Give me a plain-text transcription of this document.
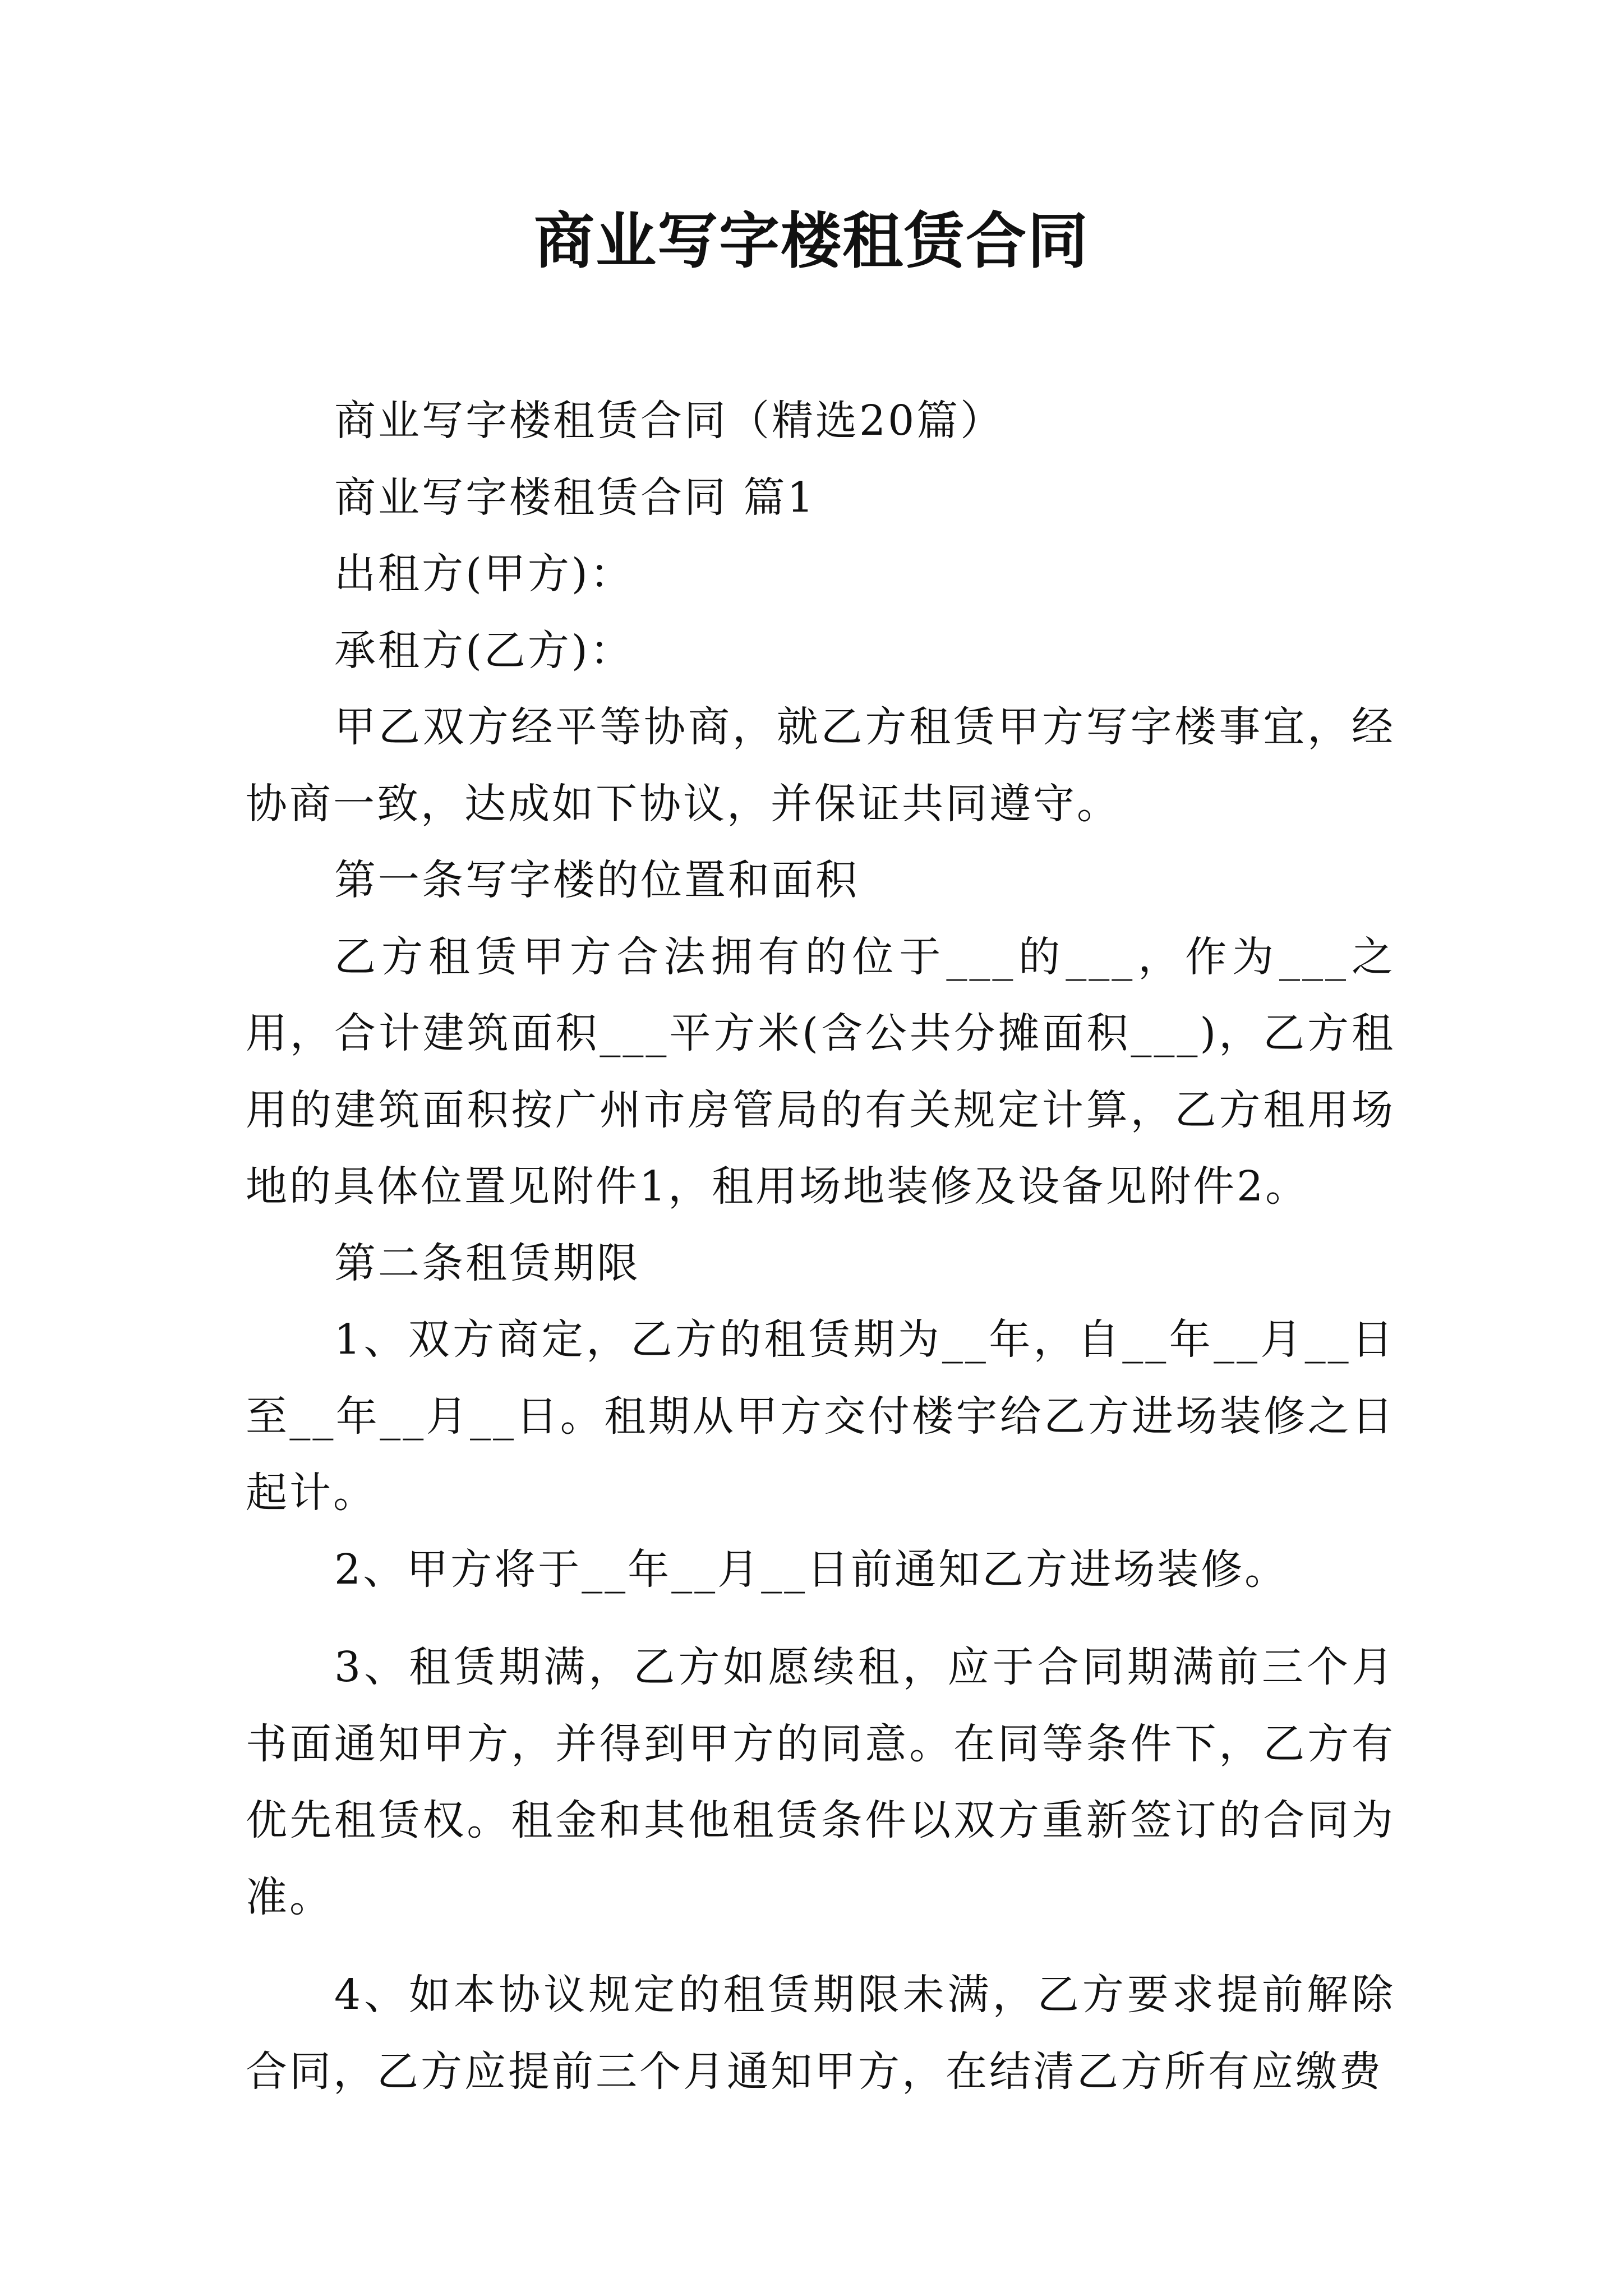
商业写字楼租赁合同

商业写字楼租赁合同（精选20篇）

商业写字楼租赁合同 篇1

出租方(甲方)：

承租方(乙方)：

甲乙双方经平等协商，就乙方租赁甲方写字楼事宜，经协商一致，达成如下协议，并保证共同遵守。

第一条写字楼的位置和面积

乙方租赁甲方合法拥有的位于___的___，作为___之用，合计建筑面积___平方米(含公共分摊面积___)，乙方租用的建筑面积按广州市房管局的有关规定计算，乙方租用场地的具体位置见附件1，租用场地装修及设备见附件2。

第二条租赁期限

1、双方商定，乙方的租赁期为__年，自__年__月__日至__年__月__日。租期从甲方交付楼宇给乙方进场装修之日起计。

2、甲方将于__年__月__日前通知乙方进场装修。

3、租赁期满，乙方如愿续租，应于合同期满前三个月书面通知甲方，并得到甲方的同意。在同等条件下，乙方有优先租赁权。租金和其他租赁条件以双方重新签订的合同为准。

4、如本协议规定的租赁期限未满，乙方要求提前解除合同，乙方应提前三个月通知甲方，在结清乙方所有应缴费
